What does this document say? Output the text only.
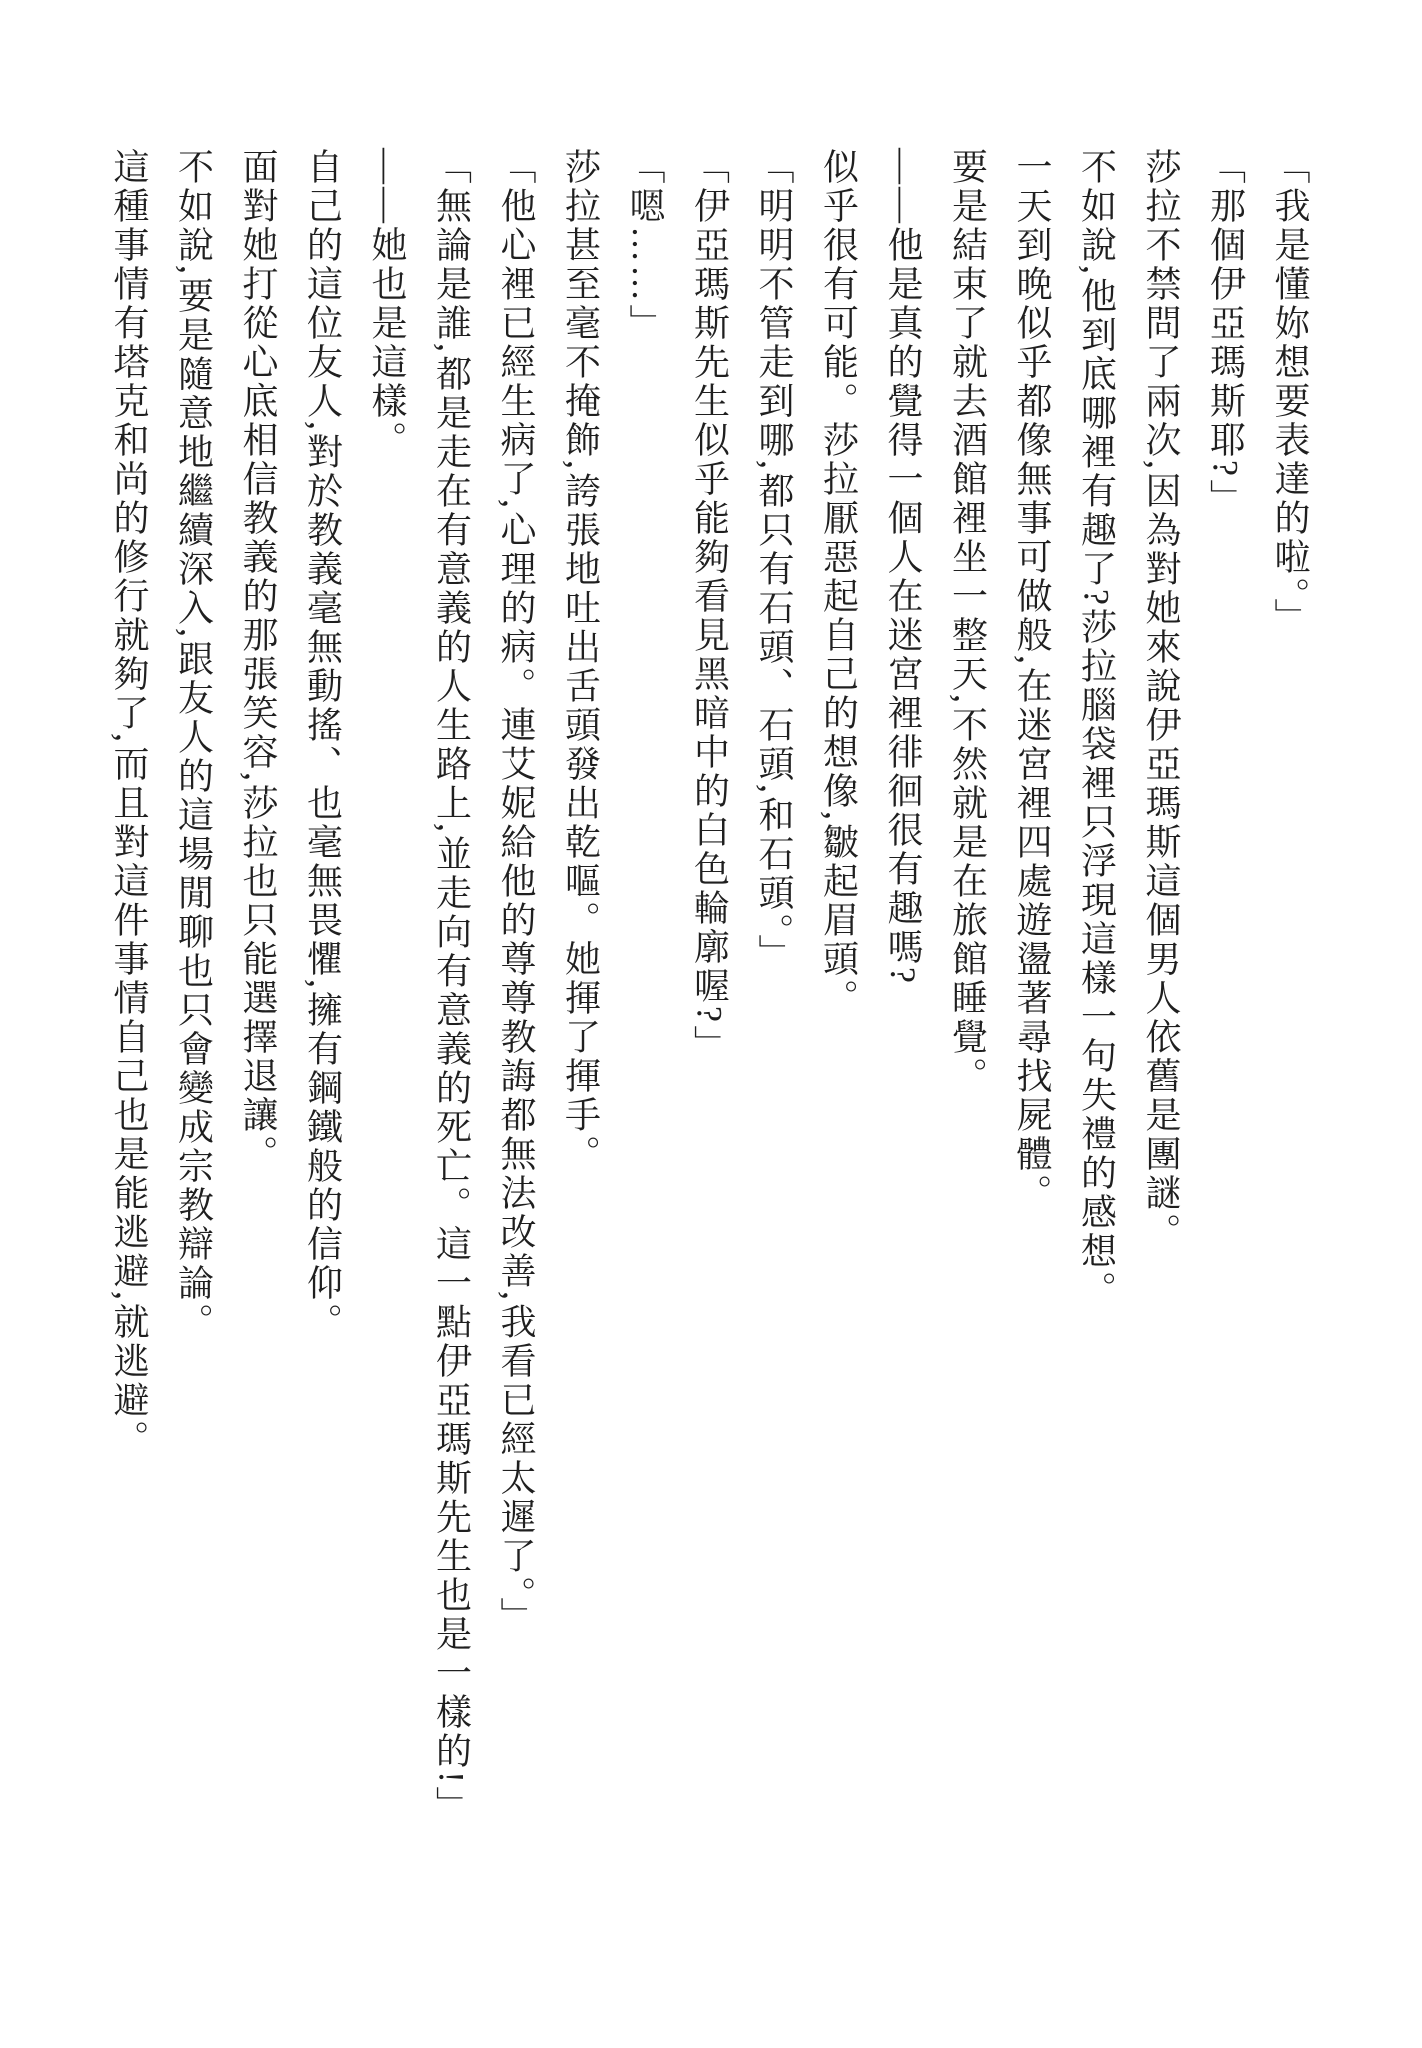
「我是懂妳想要表達的啦。」

「那個伊亞瑪斯耶?」

莎拉不禁問了兩次,因為對她來說伊亞瑪斯這個男人依舊是團謎。

不如說,他到底哪裡有趣了?莎拉腦袋裡只浮現這樣一句失禮的感想。

一天到晚似乎都像無事可做般,在迷宮裡四處遊盪著尋找屍體。

要是結束了就去酒館裡坐一整天,不然就是在旅館睡覺。

——他是真的覺得一個人在迷宮裡徘徊很有趣嗎?

似乎很有可能。莎拉厭惡起自己的想像,皺起眉頭。

「明明不管走到哪,都只有石頭、石頭,和石頭。」

「伊亞瑪斯先生似乎能夠看見黑暗中的白色輪廓喔?」

「嗯……」

莎拉甚至毫不掩飾,誇張地吐出舌頭發出乾嘔。她揮了揮手。

「他心裡已經生病了,心理的病。連艾妮給他的尊尊教誨都無法改善,我看已經太遲了。」

「無論是誰,都是走在有意義的人生路上,並走向有意義的死亡。這一點伊亞瑪斯先生也是一樣的!」

——她也是這樣。

自己的這位友人,對於教義毫無動搖、也毫無畏懼,擁有鋼鐵般的信仰。

面對她打從心底相信教義的那張笑容,莎拉也只能選擇退讓。

不如說,要是隨意地繼續深入,跟友人的這場閒聊也只會變成宗教辯論。

這種事情有塔克和尚的修行就夠了,而且對這件事情自己也是能逃避,就逃避。
